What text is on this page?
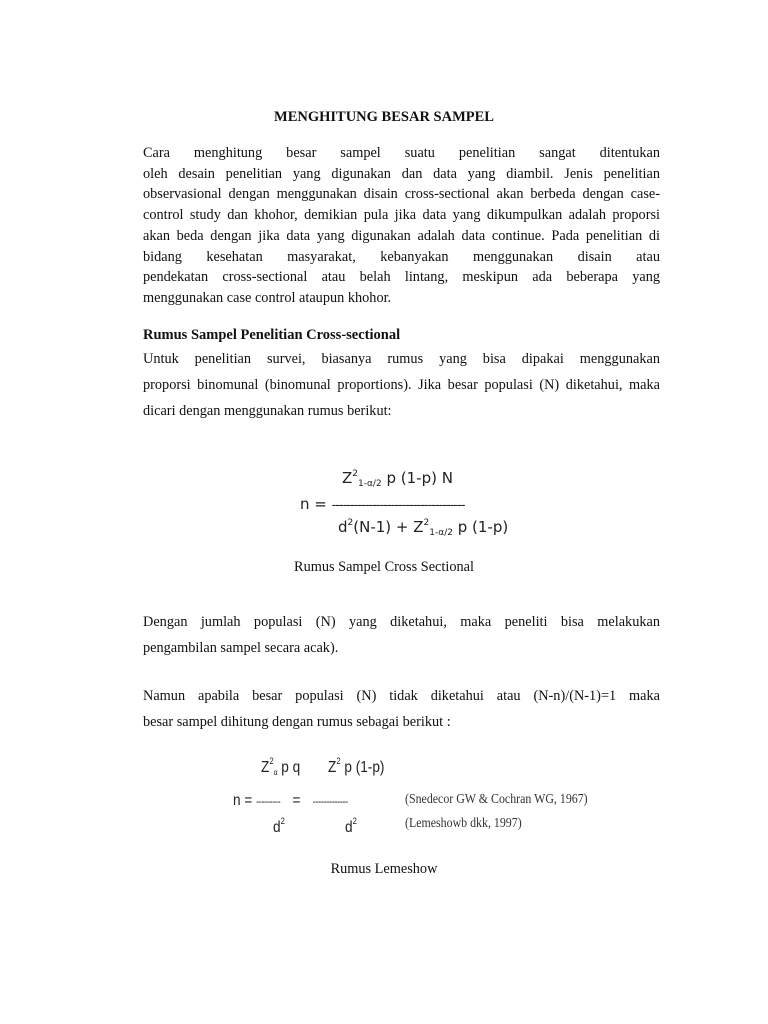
MENGHITUNG BESAR SAMPEL
Cara menghitung besar sampel suatu penelitian sangat ditentukan
oleh desain penelitian yang digunakan dan data yang diambil. Jenis penelitian
observasional dengan menggunakan disain cross-sectional akan berbeda dengan case-
control study dan khohor, demikian pula jika data yang dikumpulkan adalah proporsi
akan beda dengan jika data yang digunakan adalah data continue. Pada penelitian di
bidang kesehatan masyarakat, kebanyakan menggunakan disain atau
pendekatan cross-sectional atau belah lintang, meskipun ada beberapa yang
menggunakan case control ataupun khohor.
Rumus Sampel Penelitian Cross-sectional
Untuk penelitian survei, biasanya rumus yang bisa dipakai menggunakan
proporsi binomunal (binomunal proportions). Jika besar populasi (N) diketahui, maka
dicari dengan menggunakan rumus berikut:
$Z^2_{1-\alpha/2}$ p (1-p) N
n = ------------------------------------
$d^2(N-1) + Z^2_{1-\alpha/2}$ p (1-p)
Rumus Sampel Cross Sectional
Dengan jumlah populasi (N) yang diketahui, maka peneliti bisa melakukan
pengambilan sampel secara acak).
Namun apabila besar populasi (N) tidak diketahui atau (N-n)/(N-1)=1 maka
besar sampel dihitung dengan rumus sebagai berikut :
$Z^2_\alpha$ p q $Z^2$ p (1-p)
n = --------- = -------------
$d^2$	$d^2$
(Snedecor GW & Cochran WG, 1967)
(Lemeshowb dkk, 1997)
Rumus Lemeshow
